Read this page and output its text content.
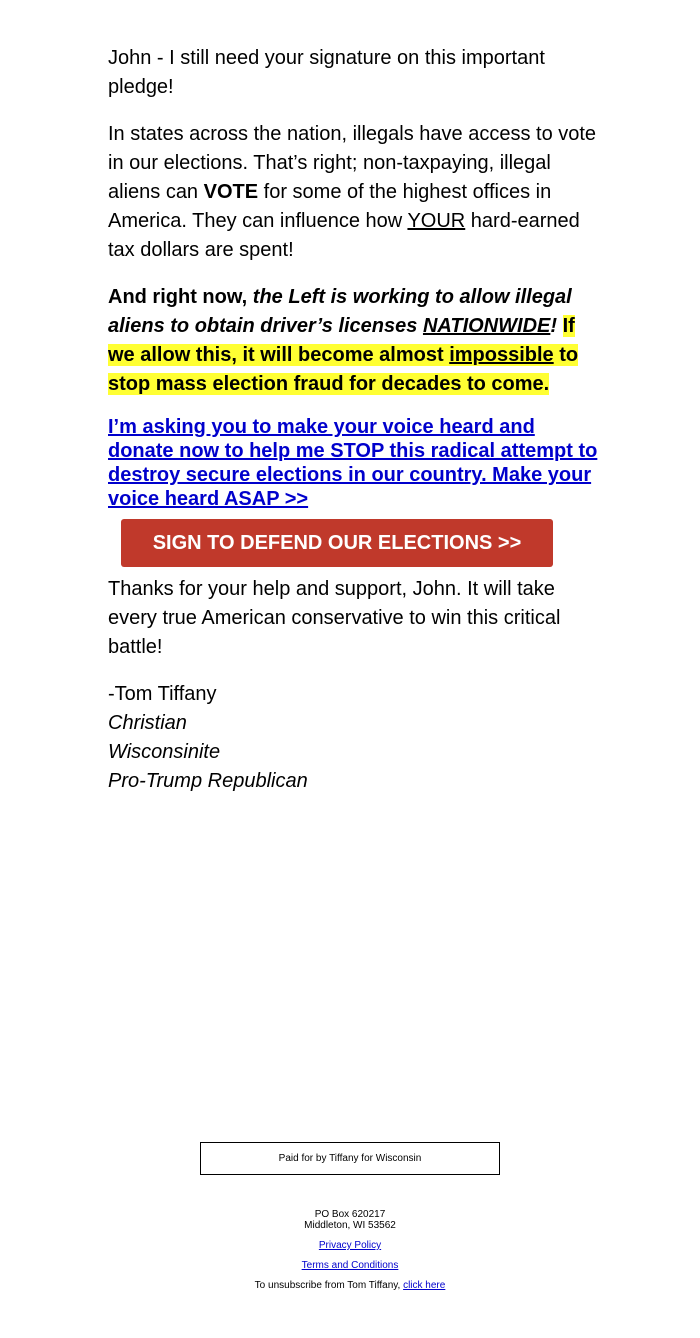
John - I still need your signature on this important pledge!

In states across the nation, illegals have access to vote in our elections. That’s right; non-taxpaying, illegal aliens can VOTE for some of the highest offices in America. They can influence how YOUR hard-earned tax dollars are spent!

And right now, the Left is working to allow illegal aliens to obtain driver’s licenses NATIONWIDE! If we allow this, it will become almost impossible to stop mass election fraud for decades to come.

I’m asking you to make your voice heard and donate now to help me STOP this radical attempt to destroy secure elections in our country. Make your voice heard ASAP >>
SIGN TO DEFEND OUR ELECTIONS >>

Thanks for your help and support, John. It will take every true American conservative to win this critical battle!

-Tom Tiffany
Christian
Wisconsinite
Pro-Trump Republican

Paid for by Tiffany for Wisconsin
PO Box 620217
Middleton, WI 53562
Privacy Policy
Terms and Conditions
To unsubscribe from Tom Tiffany, click here
